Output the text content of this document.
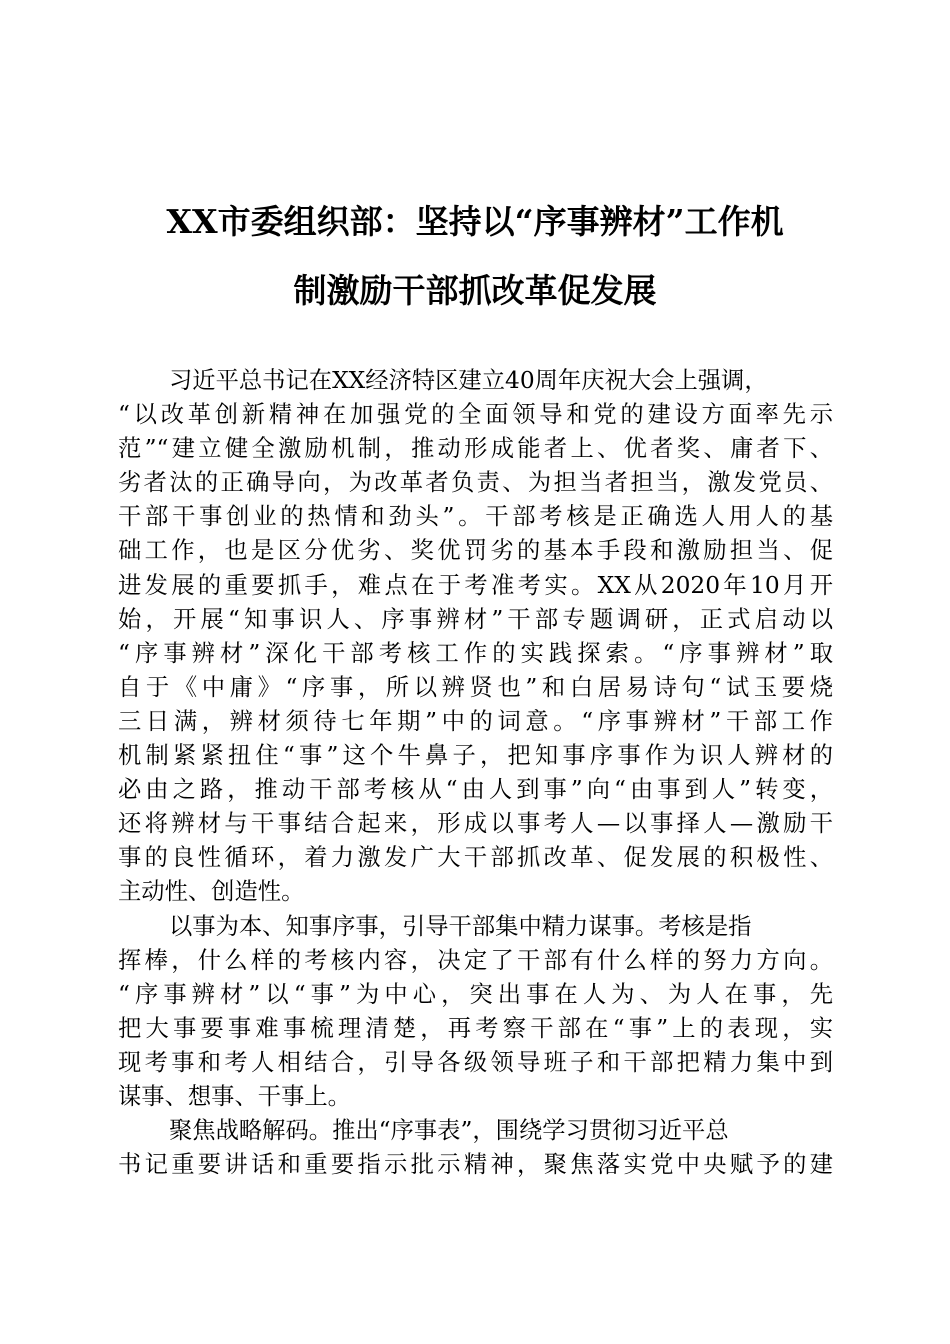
XX市委组织部：坚持以“序事辨材”工作机
制激励干部抓改革促发展
习近平总书记在XX经济特区建立40周年庆祝大会上强调，
“以改革创新精神在加强党的全面领导和党的建设方面率先示
范”“建立健全激励机制，推动形成能者上、优者奖、庸者下、
劣者汰的正确导向，为改革者负责、为担当者担当，激发党员、
干部干事创业的热情和劲头”。干部考核是正确选人用人的基
础工作，也是区分优劣、奖优罚劣的基本手段和激励担当、促
进发展的重要抓手，难点在于考准考实。XX从2020年10月开
始，开展“知事识人、序事辨材”干部专题调研，正式启动以
“序事辨材”深化干部考核工作的实践探索。“序事辨材”取
自于《中庸》“序事，所以辨贤也”和白居易诗句“试玉要烧
三日满，辨材须待七年期”中的词意。“序事辨材”干部工作
机制紧紧扭住“事”这个牛鼻子，把知事序事作为识人辨材的
必由之路，推动干部考核从“由人到事”向“由事到人”转变，
还将辨材与干事结合起来，形成以事考人—以事择人—激励干
事的良性循环，着力激发广大干部抓改革、促发展的积极性、
主动性、创造性。
以事为本、知事序事，引导干部集中精力谋事。考核是指
挥棒，什么样的考核内容，决定了干部有什么样的努力方向。
“序事辨材”以“事”为中心，突出事在人为、为人在事，先
把大事要事难事梳理清楚，再考察干部在“事”上的表现，实
现考事和考人相结合，引导各级领导班子和干部把精力集中到
谋事、想事、干事上。
聚焦战略解码。推出“序事表”，围绕学习贯彻习近平总
书记重要讲话和重要指示批示精神，聚焦落实党中央赋予的建
